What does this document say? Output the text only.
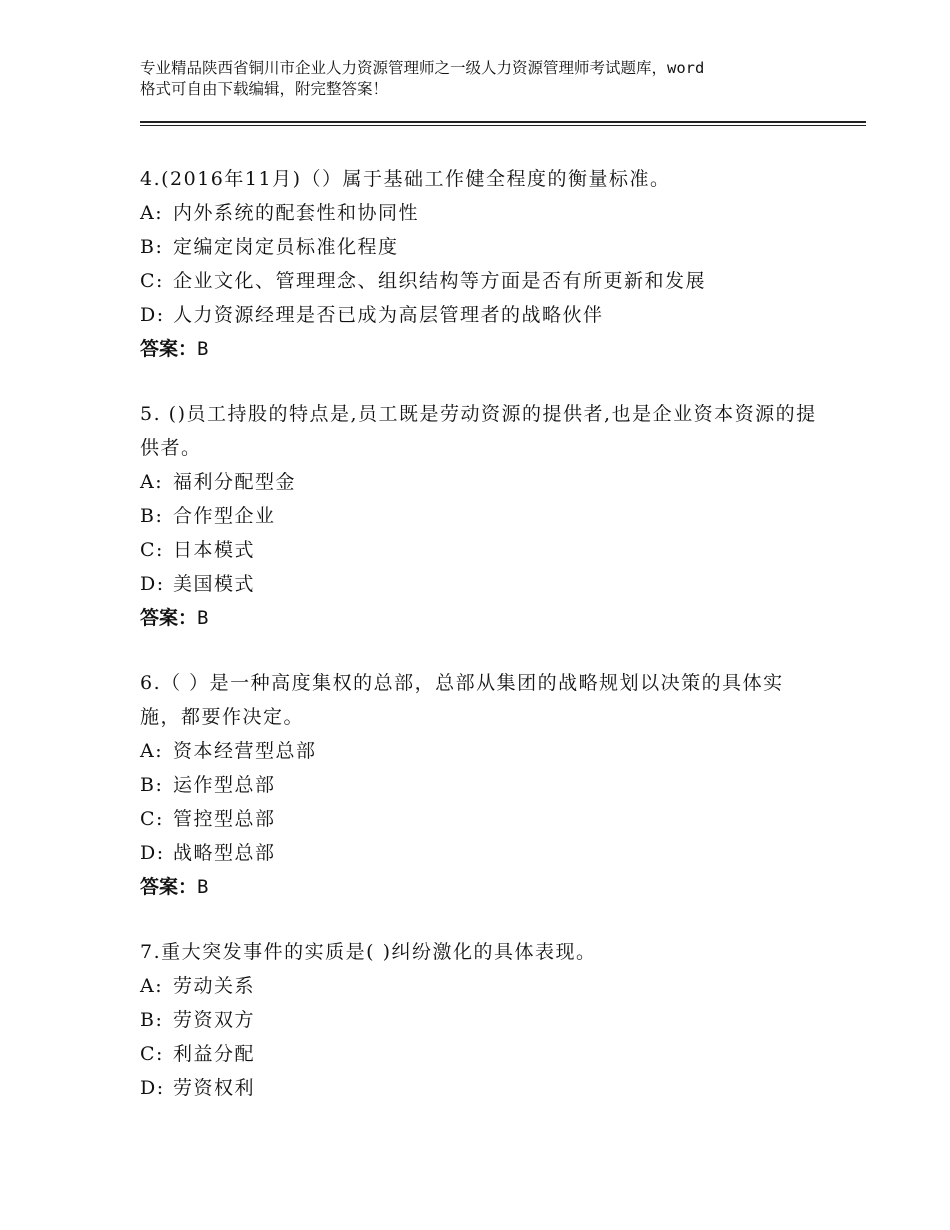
专业精品陕西省铜川市企业人力资源管理师之一级人力资源管理师考试题库，word
格式可自由下载编辑，附完整答案！

4.(2016年11月)（）属于基础工作健全程度的衡量标准。

A: 内外系统的配套性和协同性
B: 定编定岗定员标准化程度
C: 企业文化、管理理念、组织结构等方面是否有所更新和发展
D: 人力资源经理是否已成为高层管理者的战略伙伴
答案：B

5. ()员工持股的特点是,员工既是劳动资源的提供者,也是企业资本资源的提供者。

A: 福利分配型金
B: 合作型企业
C: 日本模式
D: 美国模式
答案：B

6.（ ）是一种高度集权的总部，总部从集团的战略规划以决策的具体实施，都要作决定。

A: 资本经营型总部
B: 运作型总部
C: 管控型总部
D: 战略型总部
答案：B

7.重大突发事件的实质是( )纠纷激化的具体表现。

A: 劳动关系
B: 劳资双方
C: 利益分配
D: 劳资权利
